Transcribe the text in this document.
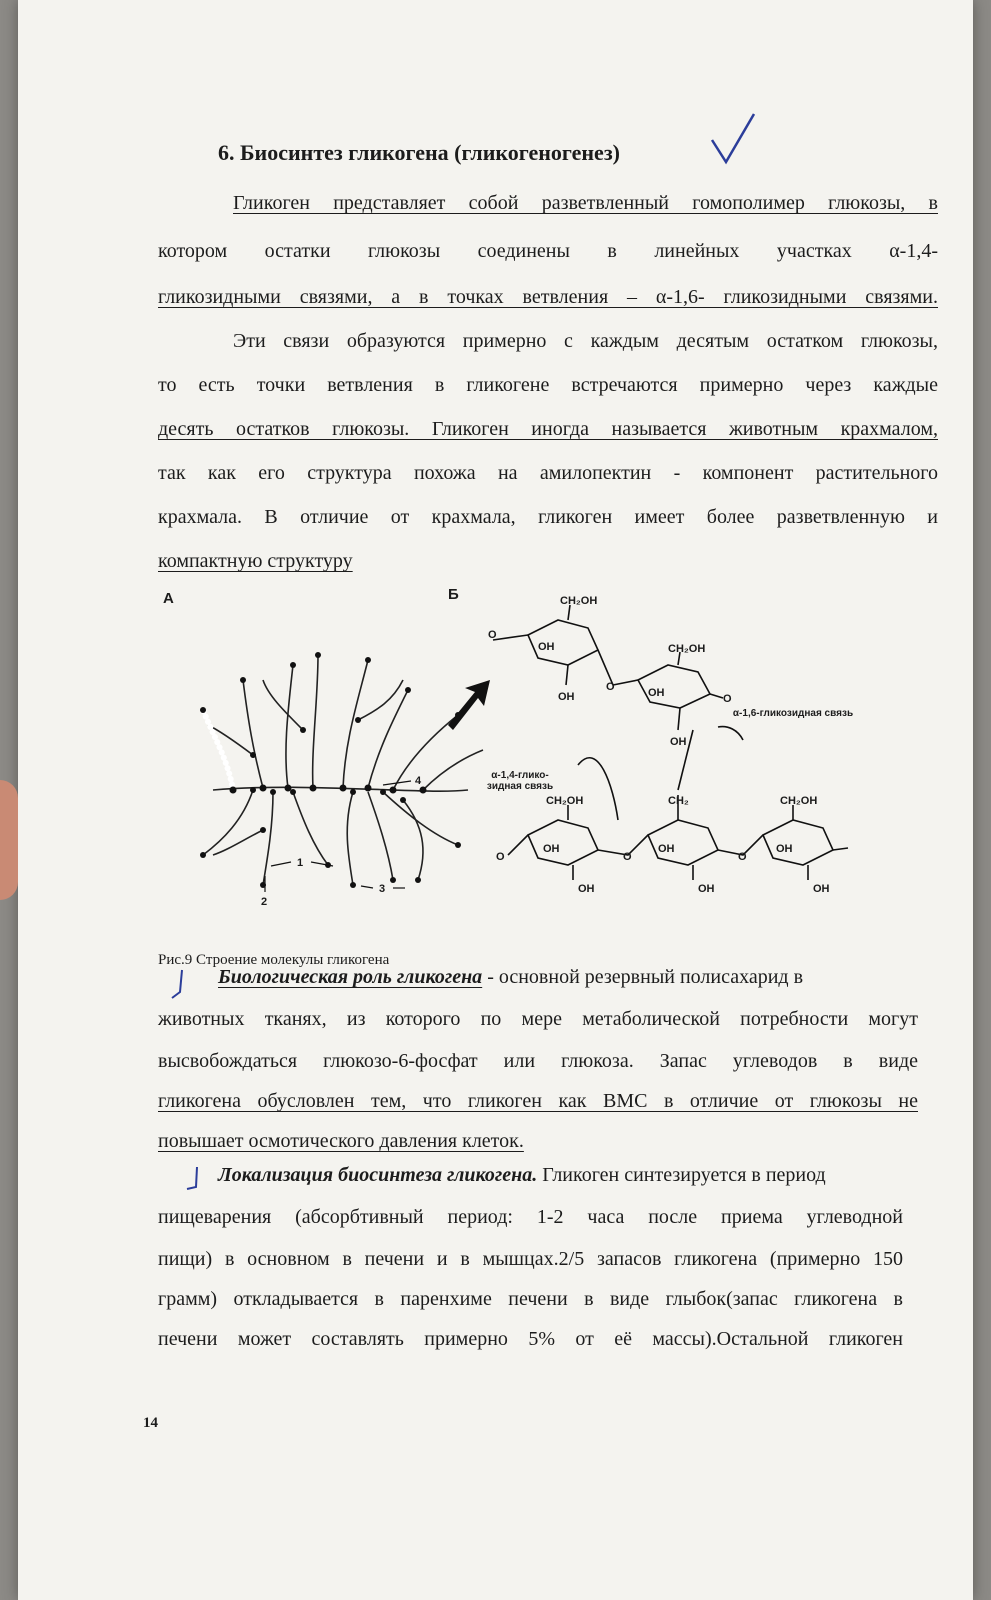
6. Биосинтез гликогена (гликогеногенез)
Гликоген представляет собой разветвленный гомополимер глюкозы, в
котором остатки глюкозы соединены в линейных участках α-1,4-
гликозидными связями, а в точках ветвления – α-1,6- гликозидными связями.
Эти связи образуются примерно с каждым десятым остатком глюкозы,
то есть точки ветвления в гликогене встречаются примерно через каждые
десять остатков глюкозы. Гликоген иногда называется животным крахмалом,
так как его структура похожа на амилопектин - компонент растительного
крахмала. В отличие от крахмала, гликоген имеет более разветвленную и
компактную структуру
А	Б
4
1
2
3
CH₂OH
CH₂OH
CH₂OH	CH₂	CH₂OH
OH
OH	OH
OH
OH	OH	OH
OH	OH	OH
O
O
O
O	O	O
α-1,6-гликозидная связь
α-1,4-глико- зидная связь
Рис.9 Строение молекулы гликогена
Биологическая роль гликогена - основной резервный полисахарид в
животных тканях, из которого по мере метаболической потребности могут
высвобождаться глюкозо-6-фосфат или глюкоза. Запас углеводов в виде
гликогена обусловлен тем, что гликоген как ВМС в отличие от глюкозы не
повышает осмотического давления клеток.
Локализация биосинтеза гликогена. Гликоген синтезируется в период
пищеварения (абсорбтивный период: 1-2 часа после приема углеводной
пищи) в основном в печени и в мышцах.2/5 запасов гликогена (примерно 150
грамм) откладывается в паренхиме печени в виде глыбок(запас гликогена в
печени может составлять примерно 5% от её массы).Остальной гликоген
14
